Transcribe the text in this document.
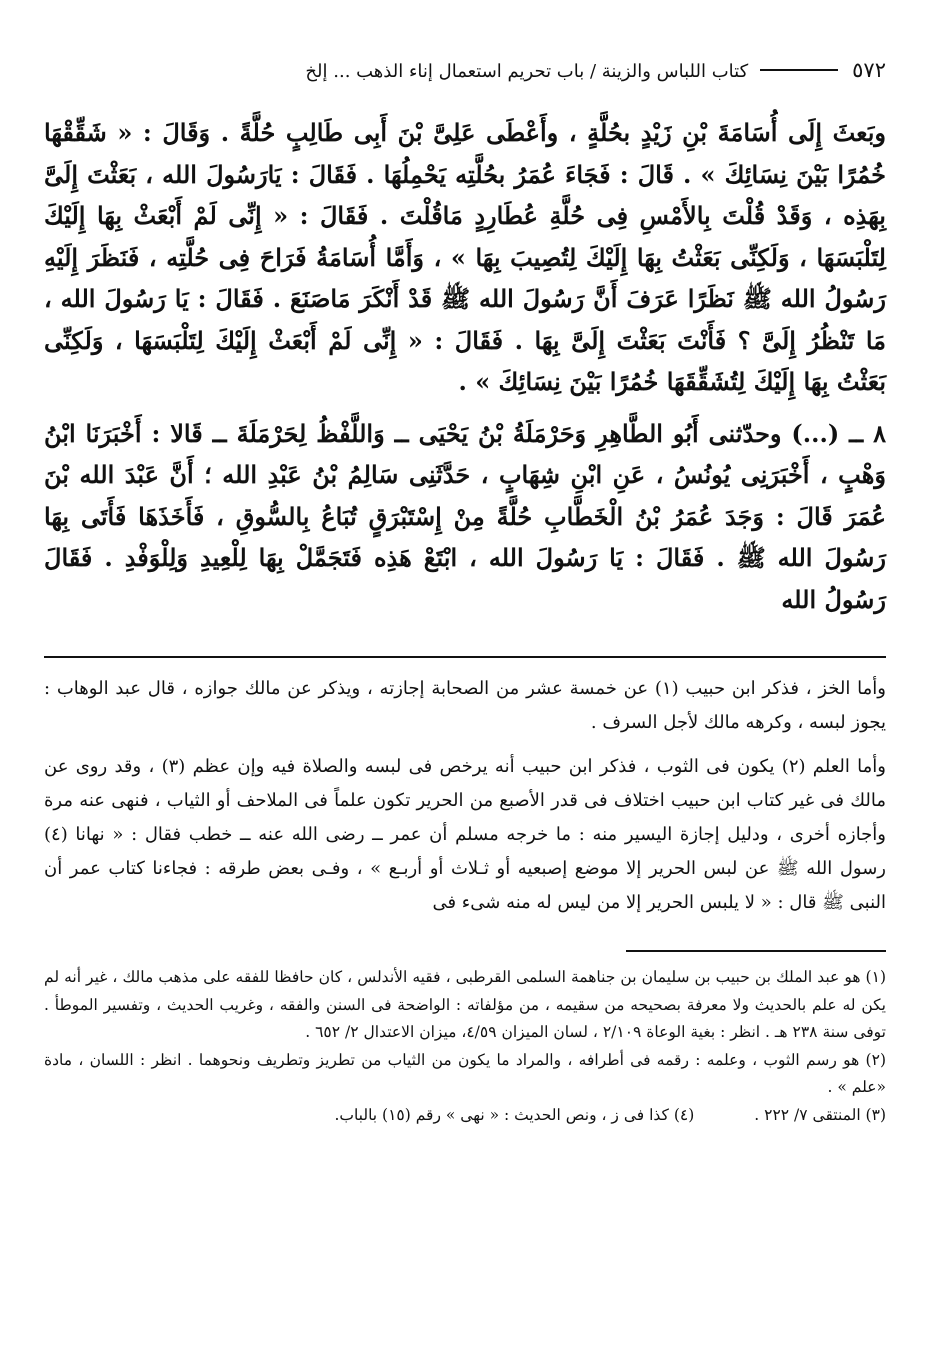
٥٧٢
كتاب اللباس والزينة / باب تحريم استعمال إناء الذهب ... إلخ

وبَعثَ إِلَى أُسَامَةَ بْنِ زَيْدٍ بحُلَّةٍ ، وأَعْطَى عَلِىَّ بْنَ أَبِى طَالِبٍ حُلَّةً . وَقَالَ : « شَقِّقْهَا خُمُرًا بَيْنَ نِسَائِكَ » . قَالَ : فَجَاءَ عُمَرُ بحُلَّتِه يَحْمِلُهَا . فَقَالَ : يَارَسُولَ الله ، بَعَثْتَ إِلَىَّ بِهَذِه ، وَقَدْ قُلْتَ بِالأَمْسِ فِى حُلَّةِ عُطَارِدٍ مَاقُلْتَ . فَقَالَ : « إِنِّى لَمْ أَبْعَثْ بِهَا إِلَيْكَ لِتَلْبَسَهَا ، وَلَكِنِّى بَعَثْتُ بِهَا إِلَيْكَ لِتُصِيبَ بِهَا » ، وَأَمَّا أُسَامَةُ فَرَاحَ فِى حُلَّتِه ، فَنَظَرَ إِلَيْهِ رَسُولُ الله ﷺ نَظَرًا عَرَفَ أَنَّ رَسُولَ الله ﷺ قَدْ أَنْكَرَ مَاصَنَعَ . فَقَالَ : يَا رَسُولَ الله ، مَا تَنْظُرُ إِلَىَّ ؟ فَأَنْتَ بَعَثْتَ إِلَىَّ بِهَا . فَقَالَ : « إِنِّى لَمْ أَبْعَثْ إِلَيْكَ لِتَلْبَسَهَا ، وَلَكِنِّى بَعَثْتُ بِهَا إِلَيْكَ لِتُشَقِّقَهَا خُمُرًا بَيْنَ نِسَائِكَ » .

٨ ــ (...) وحدّثنى أَبُو الطَّاهِرِ وَحَرْمَلَةُ بْنُ يَحْيَى ــ وَاللَّفْظُ لِحَرْمَلَةَ ــ قَالا : أَخْبَرَنَا ابْنُ وَهْبٍ ، أَخْبَرَنِى يُونُسُ ، عَنِ ابْنِ شِهَابٍ ، حَدَّثَنِى سَالِمُ بْنُ عَبْدِ الله ؛ أَنَّ عَبْدَ الله بْنَ عُمَرَ قَالَ : وَجَدَ عُمَرُ بْنُ الْخَطَّابِ حُلَّةً مِنْ إِسْتَبْرَقٍ تُبَاعُ بِالسُّوقِ ، فَأَخَذَهَا فَأَتَى بِهَا رَسُولَ الله ﷺ . فَقَالَ : يَا رَسُولَ الله ، ابْتَعْ هَذِه فَتَجَمَّلْ بِهَا لِلْعِيدِ وَلِلْوَفْدِ . فَقَالَ رَسُولُ الله

وأما الخز ، فذكر ابن حبيب (١) عن خمسة عشر من الصحابة إجازته ، ويذكر عن مالك جوازه ، قال عبد الوهاب : يجوز لبسه ، وكرهه مالك لأجل السرف .

وأما العلم (٢) يكون فى الثوب ، فذكر ابن حبيب أنه يرخص فى لبسه والصلاة فيه وإن عظم (٣) ، وقد روى عن مالك فى غير كتاب ابن حبيب اختلاف فى قدر الأصبع من الحرير تكون علماً فى الملاحف أو الثياب ، فنهى عنه مرة وأجازه أخرى ، ودليل إجازة اليسير منه : ما خرجه مسلم أن عمر ــ رضى الله عنه ــ خطب فقال : « نهانا (٤) رسول الله ﷺ عن لبس الحرير إلا موضع إصبعيه أو ثـلاث أو أربـع » ، وفـى بعض طرقه : فجاءنا كتاب عمر أن النبى ﷺ قال : « لا يلبس الحرير إلا من ليس له منه شىء فى

(١) هو عبد الملك بن حبيب بن سليمان بن جناهمة السلمى القرطبى ، فقيه الأندلس ، كان حافظا للفقه على مذهب مالك ، غير أنه لم يكن له علم بالحديث ولا معرفة بصحيحه من سقيمه ، من مؤلفاته : الواضحة فى السنن والفقه ، وغريب الحديث ، وتفسير الموطأ . توفى سنة ٢٣٨ هـ . انظر : بغية الوعاة ٢/١٠٩ ، لسان الميزان ٤/٥٩، ميزان الاعتدال ٢/ ٦٥٢ .

(٢) هو رسم الثوب ، وعلمه : رقمه فى أطرافه ، والمراد ما يكون من الثياب من تطريز وتطريف ونحوهما . انظر : اللسان ، مادة «علم » .

(٣) المنتقى ٧/ ٢٢٢ .
(٤) كذا فى ز ، ونص الحديث : « نهى » رقم (١٥) بالباب.
